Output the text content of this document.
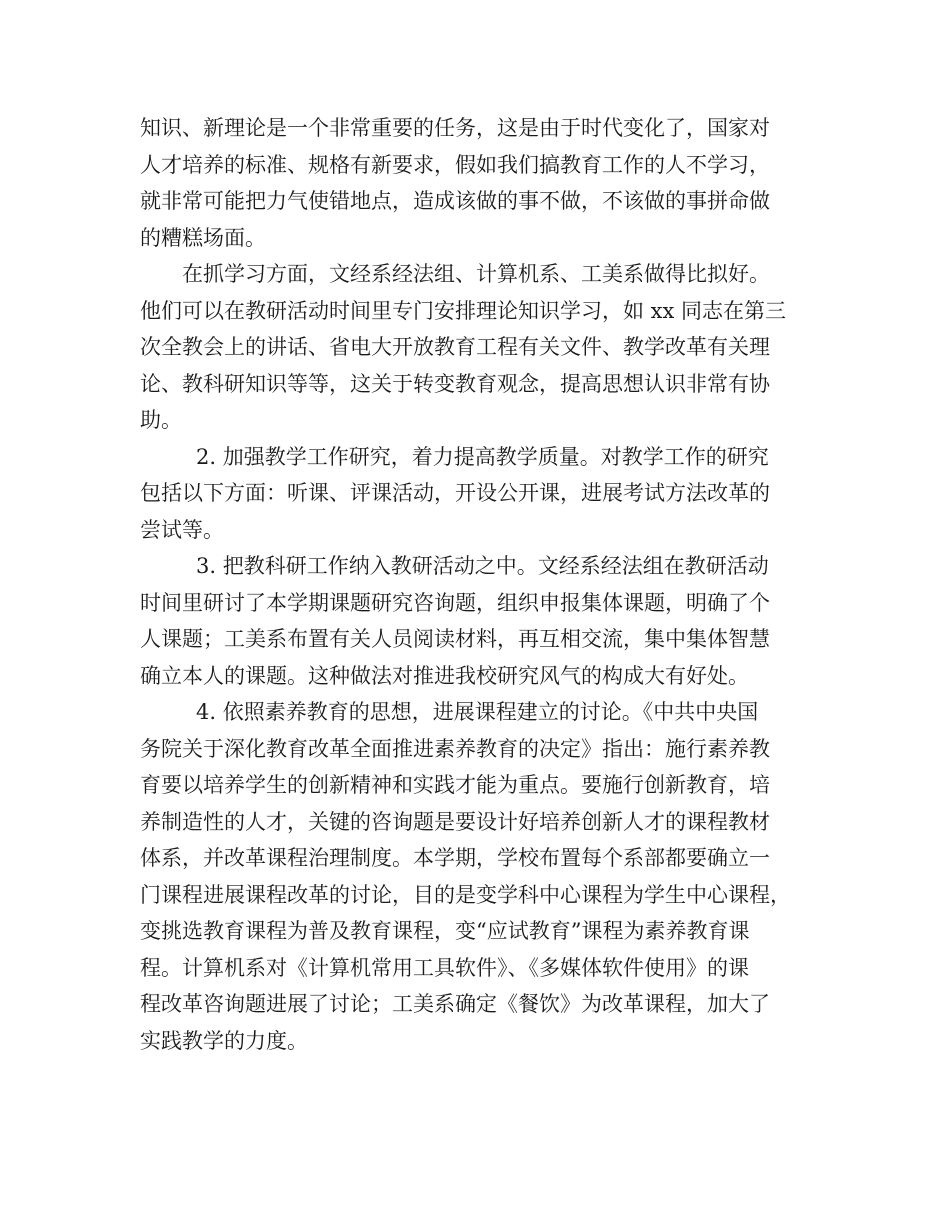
知识、新理论是一个非常重要的任务，这是由于时代变化了，国家对
人才培养的标准、规格有新要求，假如我们搞教育工作的人不学习，
就非常可能把力气使错地点，造成该做的事不做，不该做的事拼命做
的糟糕场面。
在抓学习方面，文经系经法组、计算机系、工美系做得比拟好。
他们可以在教研活动时间里专门安排理论知识学习，如 xx 同志在第三
次全教会上的讲话、省电大开放教育工程有关文件、教学改革有关理
论、教科研知识等等，这关于转变教育观念，提高思想认识非常有协
助。
2. 加强教学工作研究，着力提高教学质量。对教学工作的研究
包括以下方面：听课、评课活动，开设公开课，进展考试方法改革的
尝试等。
3. 把教科研工作纳入教研活动之中。文经系经法组在教研活动
时间里研讨了本学期课题研究咨询题，组织申报集体课题，明确了个
人课题；工美系布置有关人员阅读材料，再互相交流，集中集体智慧
确立本人的课题。这种做法对推进我校研究风气的构成大有好处。
4. 依照素养教育的思想，进展课程建立的讨论。《中共中央国
务院关于深化教育改革全面推进素养教育的决定》指出：施行素养教
育要以培养学生的创新精神和实践才能为重点。要施行创新教育，培
养制造性的人才，关键的咨询题是要设计好培养创新人才的课程教材
体系，并改革课程治理制度。本学期，学校布置每个系部都要确立一
门课程进展课程改革的讨论，目的是变学科中心课程为学生中心课程，
变挑选教育课程为普及教育课程，变“应试教育”课程为素养教育课
程。计算机系对《计算机常用工具软件》、《多媒体软件使用》的课
程改革咨询题进展了讨论；工美系确定《餐饮》为改革课程，加大了
实践教学的力度。
